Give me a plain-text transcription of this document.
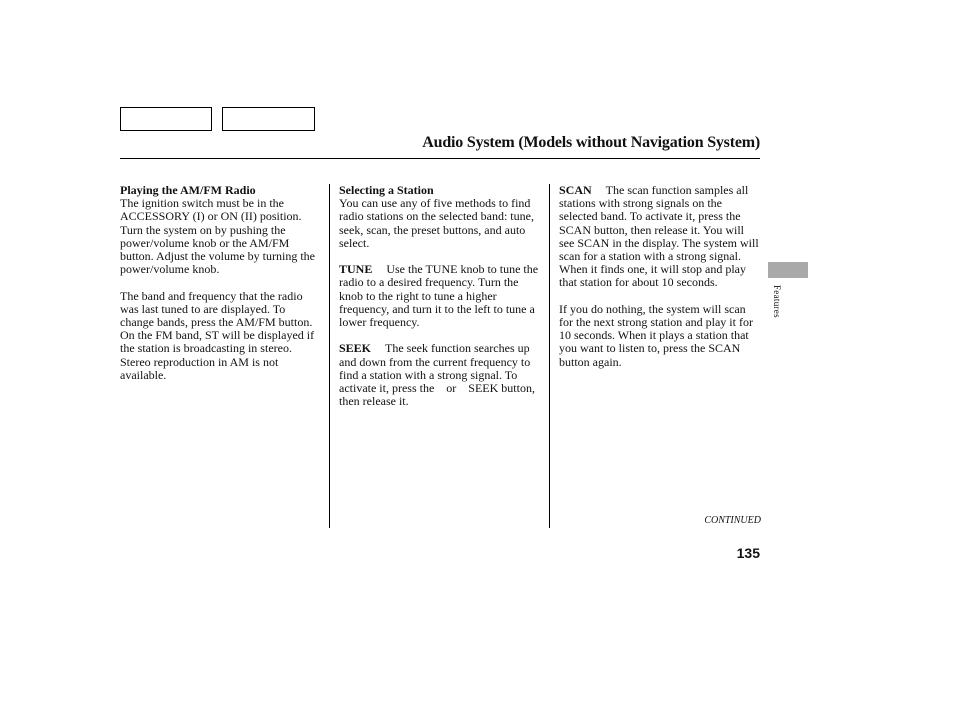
Audio System (Models without Navigation System)
Playing the AM/FM Radio

The ignition switch must be in the ACCESSORY (I) or ON (II) position. Turn the system on by pushing the power/volume knob or the AM/FM button. Adjust the volume by turning the power/volume knob.

The band and frequency that the radio was last tuned to are displayed. To change bands, press the AM/FM button. On the FM band, ST will be displayed if the station is broadcasting in stereo. Stereo reproduction in AM is not available.

Selecting a Station

You can use any of five methods to find radio stations on the selected band: tune, seek, scan, the preset buttons, and auto select.

TUNE Use the TUNE knob to tune the radio to a desired frequency. Turn the knob to the right to tune a higher frequency, and turn it to the left to tune a lower frequency.

SEEK The seek function searches up and down from the current frequency to find a station with a strong signal. To activate it, press the or SEEK button, then release it.

SCAN The scan function samples all stations with strong signals on the selected band. To activate it, press the SCAN button, then release it. You will see SCAN in the display. The system will scan for a station with a strong signal. When it finds one, it will stop and play that station for about 10 seconds.

If you do nothing, the system will scan for the next strong station and play it for 10 seconds. When it plays a station that you want to listen to, press the SCAN button again.

Features
CONTINUED
135
